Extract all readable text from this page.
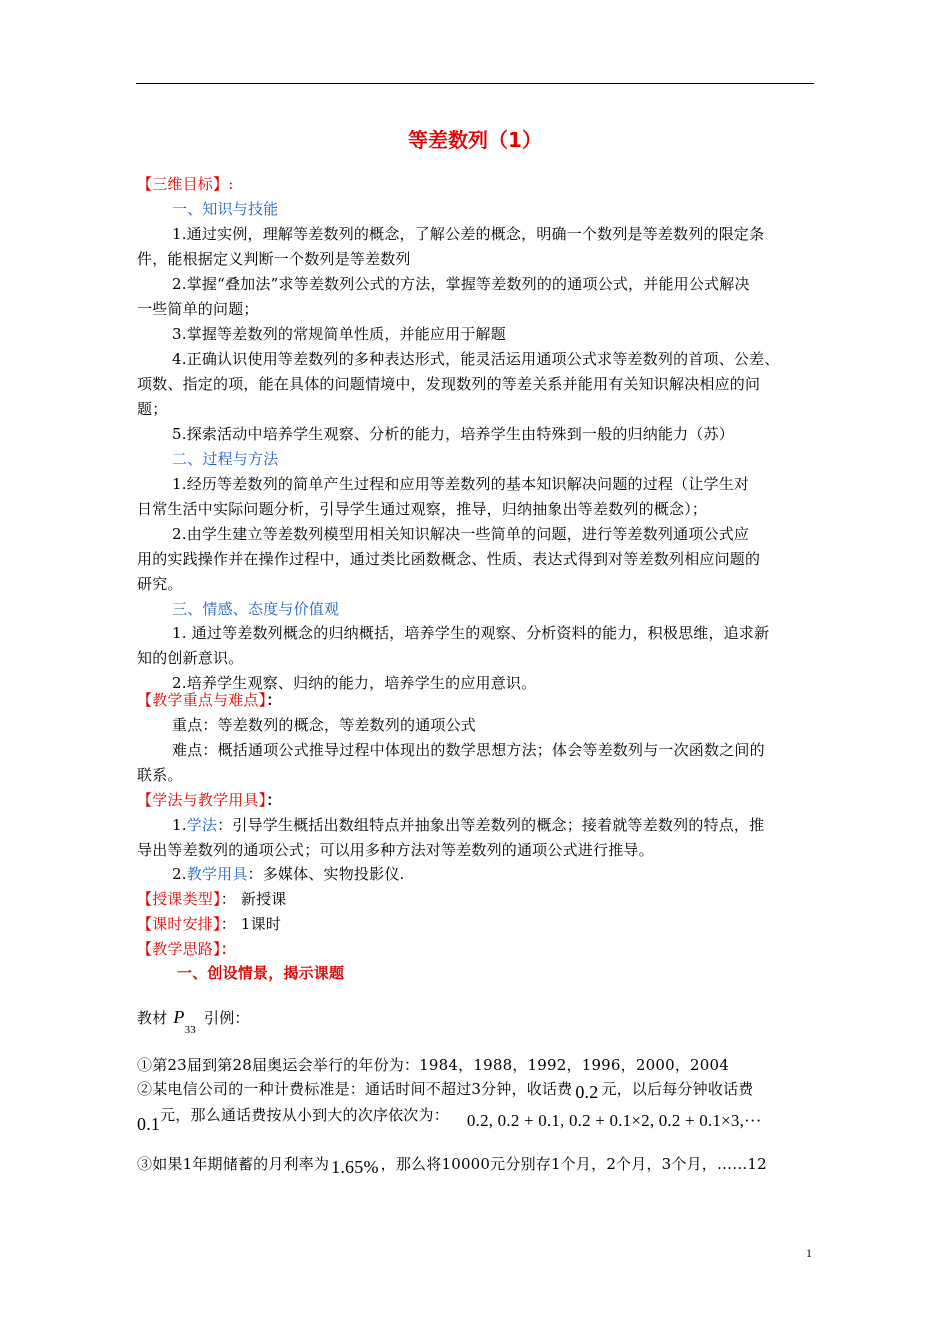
等差数列（1）
【三维目标】:
一、知识与技能
1.通过实例，理解等差数列的概念，了解公差的概念，明确一个数列是等差数列的限定条
件，能根据定义判断一个数列是等差数列
2.掌握“叠加法”求等差数列公式的方法，掌握等差数列的的通项公式，并能用公式解决
一些简单的问题；
3.掌握等差数列的常规简单性质，并能应用于解题
4.正确认识使用等差数列的多种表达形式，能灵活运用通项公式求等差数列的首项、公差、
项数、指定的项，能在具体的问题情境中，发现数列的等差关系并能用有关知识解决相应的问
题；
5.探索活动中培养学生观察、分析的能力，培养学生由特殊到一般的归纳能力（苏）
二、过程与方法
1.经历等差数列的简单产生过程和应用等差数列的基本知识解决问题的过程（让学生对
日常生活中实际问题分析，引导学生通过观察，推导，归纳抽象出等差数列的概念）；
2.由学生建立等差数列模型用相关知识解决一些简单的问题，进行等差数列通项公式应
用的实践操作并在操作过程中，通过类比函数概念、性质、表达式得到对等差数列相应问题的
研究。
三、情感、态度与价值观
1. 通过等差数列概念的归纳概括，培养学生的观察、分析资料的能力，积极思维，追求新
知的创新意识。
2.培养学生观察、归纳的能力，培养学生的应用意识。
【教学重点与难点】：
重点：等差数列的概念，等差数列的通项公式
难点：概括通项公式推导过程中体现出的数学思想方法；体会等差数列与一次函数之间的
联系。
【学法与教学用具】：
1.学法：引导学生概括出数组特点并抽象出等差数列的概念；接着就等差数列的特点，推
导出等差数列的通项公式；可以用多种方法对等差数列的通项公式进行推导。
2.教学用具：多媒体、实物投影仪.
【授课类型】： 新授课
【课时安排】： 1课时
【教学思路】：
一、创设情景，揭示课题
教材 $P_{33}$引例：
①第23届到第28届奥运会举行的年份为：1984，1988，1992，1996，2000，2004
②某电信公司的一种计费标准是：通话时间不超过3分钟，收话费 0.2 元，以后每分钟收话费
0.1元，那么通话费按从小到大的次序依次为： 0.2, 0.2 + 0.1, 0.2 + 0.1×2, 0.2 + 0.1×3,···
③如果1年期储蓄的月利率为 1.65% ，那么将10000元分别存1个月，2个月，3个月，……12
1
